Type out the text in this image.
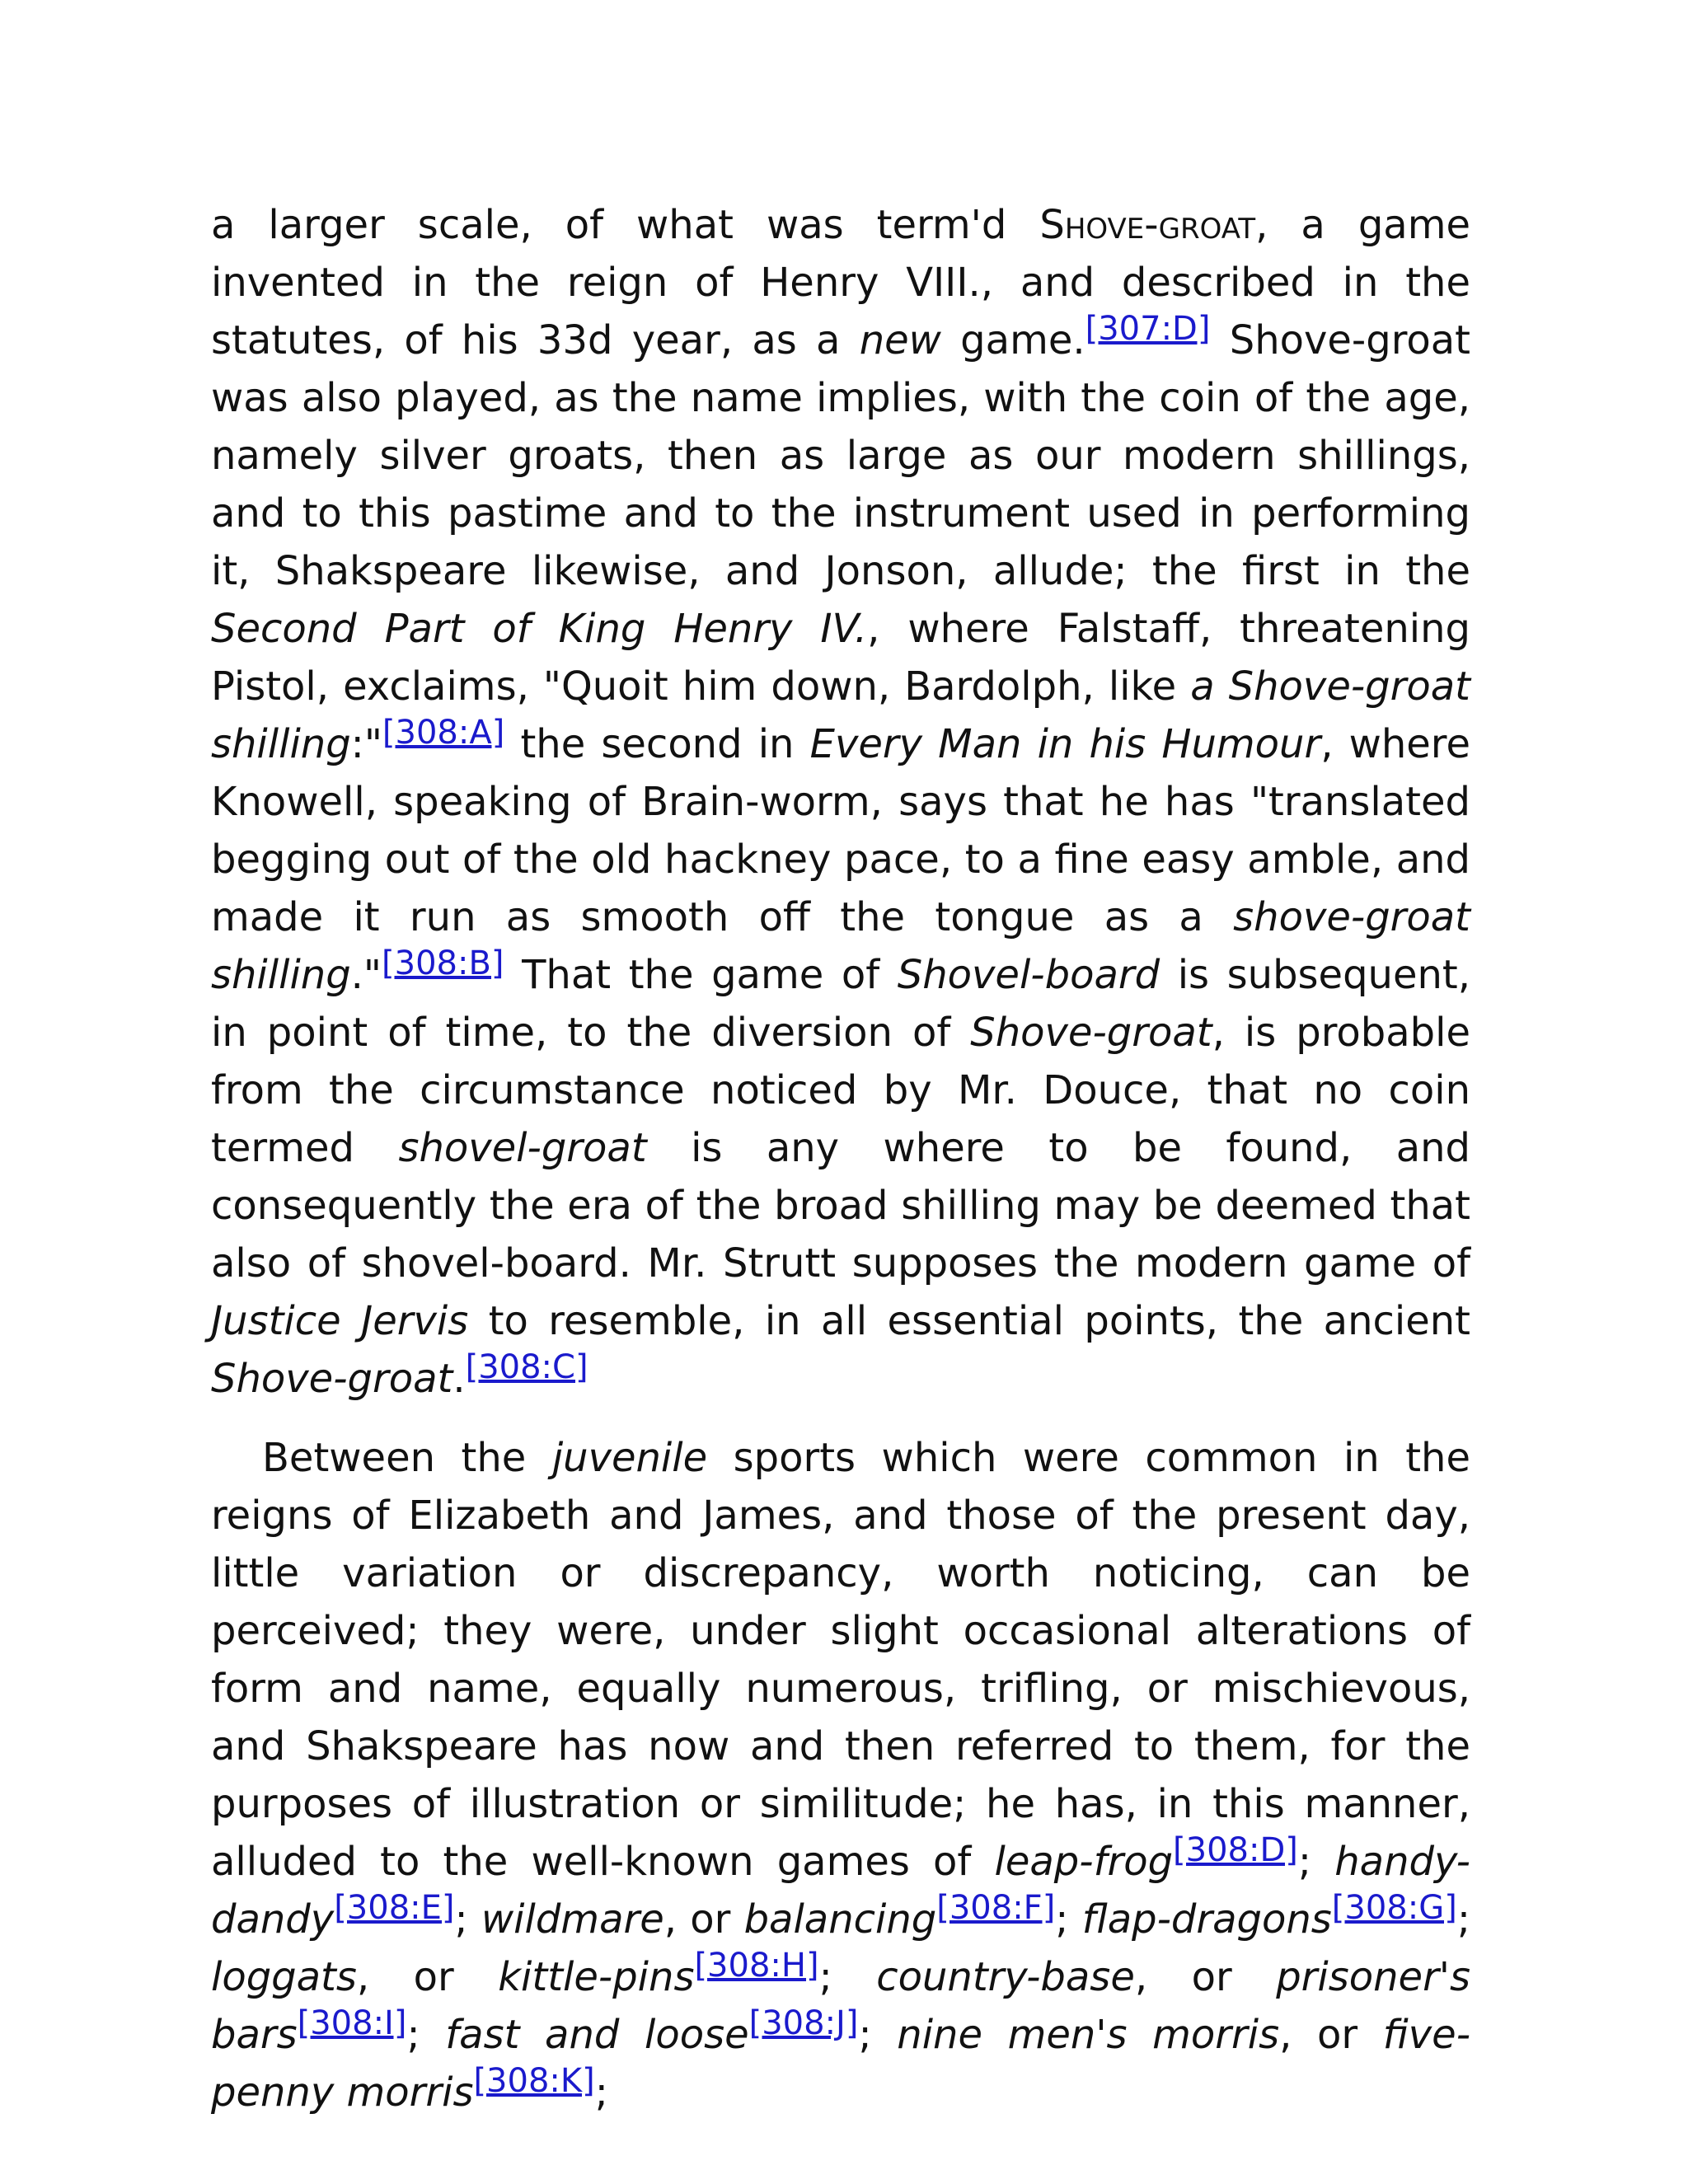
a larger scale, of what was term'd Shove-groat, a game invented in the reign of Henry VIII., and described in the statutes, of his 33d year, as a new game.[307:D] Shove-groat was also played, as the name implies, with the coin of the age, namely silver groats, then as large as our modern shillings, and to this pastime and to the instrument used in performing it, Shakspeare likewise, and Jonson, allude; the first in the Second Part of King Henry IV., where Falstaff, threatening Pistol, exclaims, "Quoit him down, Bardolph, like a Shove-groat shilling:"[308:A] the second in Every Man in his Humour, where Knowell, speaking of Brain-worm, says that he has "translated begging out of the old hackney pace, to a fine easy amble, and made it run as smooth off the tongue as a shove-groat shilling."[308:B] That the game of Shovel-board is subsequent, in point of time, to the diversion of Shove-groat, is probable from the circumstance noticed by Mr. Douce, that no coin termed shovel-groat is any where to be found, and consequently the era of the broad shilling may be deemed that also of shovel-board. Mr. Strutt supposes the modern game of Justice Jervis to resemble, in all essential points, the ancient Shove-groat.[308:C]

Between the juvenile sports which were common in the reigns of Elizabeth and James, and those of the present day, little variation or discrepancy, worth noticing, can be perceived; they were, under slight occasional alterations of form and name, equally numerous, trifling, or mischievous, and Shakspeare has now and then referred to them, for the purposes of illustration or similitude; he has, in this manner, alluded to the well-known games of leap-frog[308:D]; handy-dandy[308:E]; wildmare, or balancing[308:F]; flap-dragons[308:G]; loggats, or kittle-pins[308:H]; country-base, or prisoner's bars[308:I]; fast and loose[308:J]; nine men's morris, or five-penny morris[308:K];
